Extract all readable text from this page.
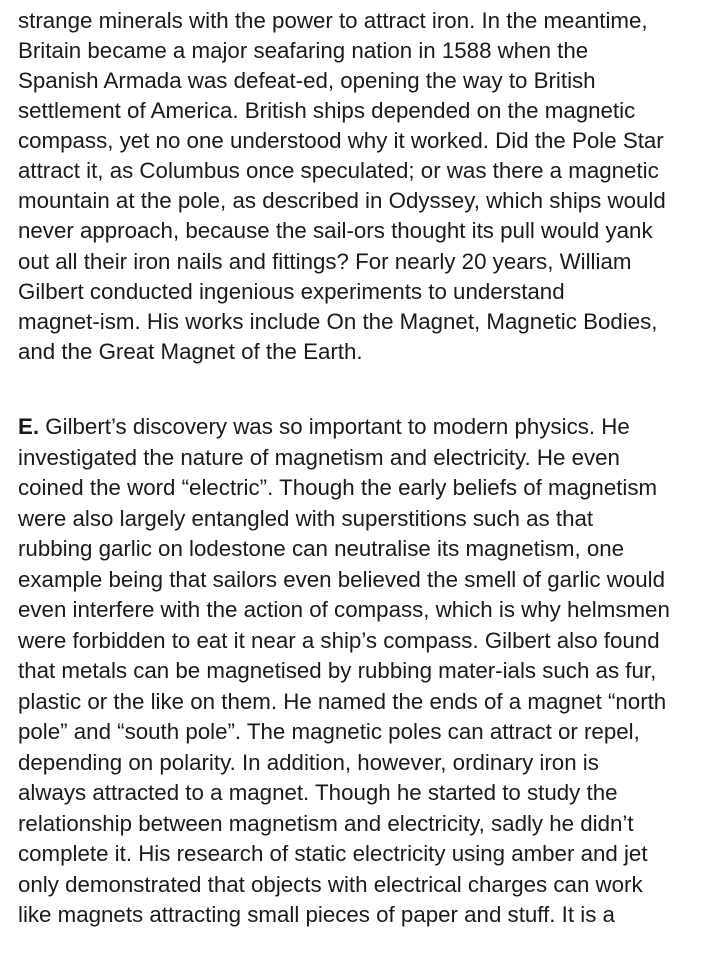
strange minerals with the power to attract iron. In the meantime,
Britain became a major seafaring nation in 1588 when the
Spanish Armada was defeat-ed, opening the way to British
settlement of America. British ships depended on the magnetic
compass, yet no one understood why it worked. Did the Pole Star
attract it, as Columbus once speculated; or was there a magnetic
mountain at the pole, as described in Odyssey, which ships would
never approach, because the sail-ors thought its pull would yank
out all their iron nails and fittings? For nearly 20 years, William
Gilbert conducted ingenious experiments to understand
magnet-ism. His works include On the Magnet, Magnetic Bodies,
and the Great Magnet of the Earth.
E. Gilbert’s discovery was so important to modern physics. He
investigated the nature of magnetism and electricity. He even
coined the word “electric”. Though the early beliefs of magnetism
were also largely entangled with superstitions such as that
rubbing garlic on lodestone can neutralise its magnetism, one
example being that sailors even believed the smell of garlic would
even interfere with the action of compass, which is why helmsmen
were forbidden to eat it near a ship’s compass. Gilbert also found
that metals can be magnetised by rubbing mater-ials such as fur,
plastic or the like on them. He named the ends of a magnet “north
pole” and “south pole”. The magnetic poles can attract or repel,
depending on polarity. In addition, however, ordinary iron is
always attracted to a magnet. Though he started to study the
relationship between magnetism and electricity, sadly he didn’t
complete it. His research of static electricity using amber and jet
only demonstrated that objects with electrical charges can work
like magnets attracting small pieces of paper and stuff. It is a
